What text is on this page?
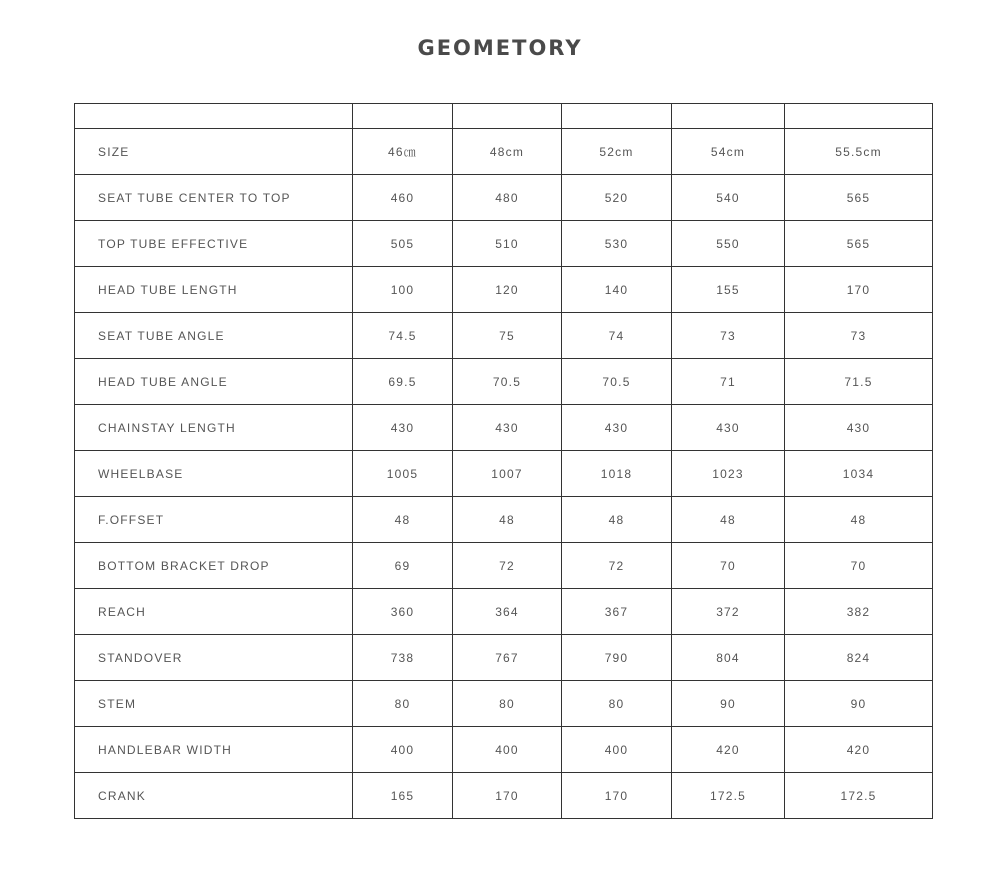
GEOMETORY

SIZE	46㎝	48cm	52cm	54cm	55.5cm
SEAT TUBE CENTER TO TOP	460	480	520	540	565
TOP TUBE EFFECTIVE	505	510	530	550	565
HEAD TUBE LENGTH	100	120	140	155	170
SEAT TUBE ANGLE	74.5	75	74	73	73
HEAD TUBE ANGLE	69.5	70.5	70.5	71	71.5
CHAINSTAY LENGTH	430	430	430	430	430
WHEELBASE	1005	1007	1018	1023	1034
F.OFFSET	48	48	48	48	48
BOTTOM BRACKET DROP	69	72	72	70	70
REACH	360	364	367	372	382
STANDOVER	738	767	790	804	824
STEM	80	80	80	90	90
HANDLEBAR WIDTH	400	400	400	420	420
CRANK	165	170	170	172.5	172.5
